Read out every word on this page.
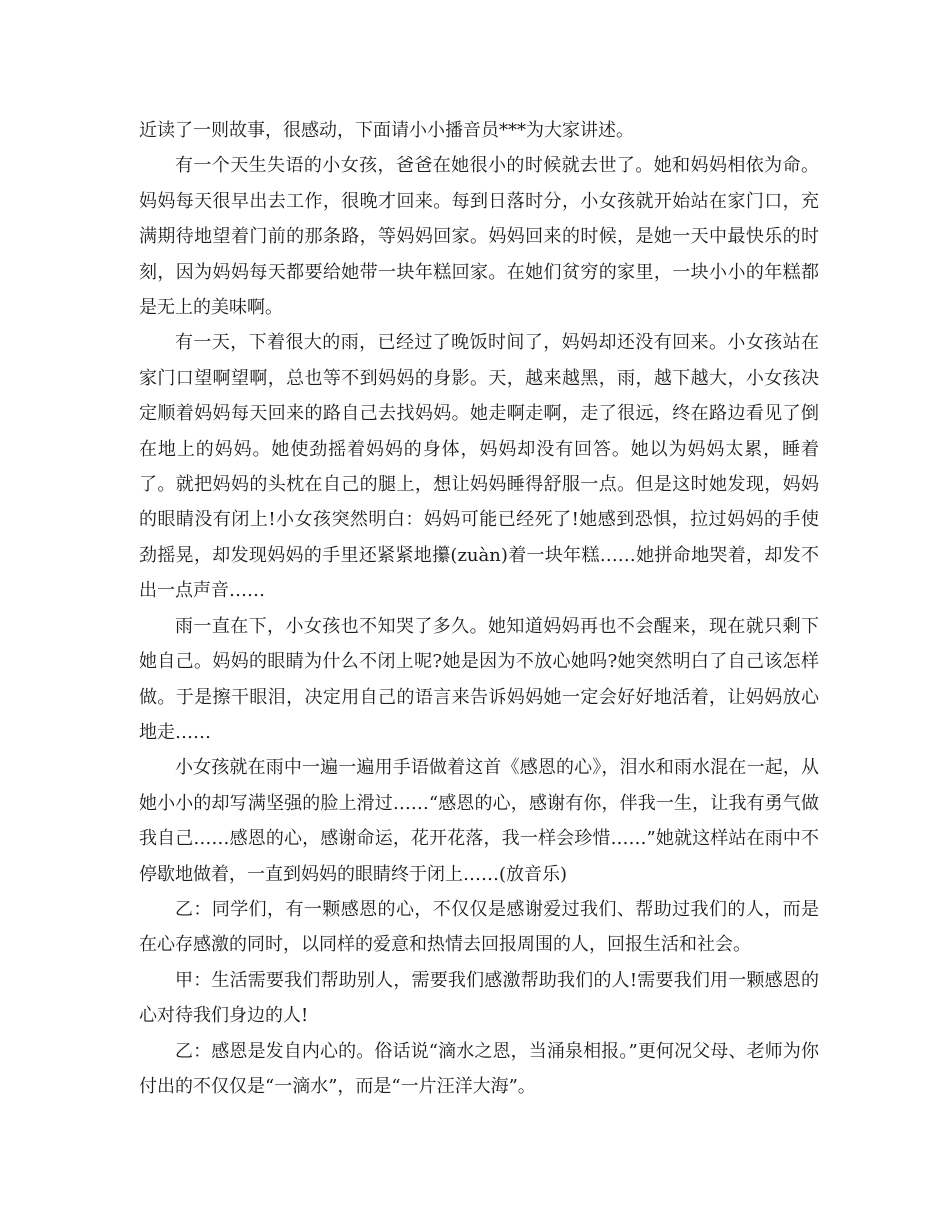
近读了一则故事，很感动，下面请小小播音员***为大家讲述。

有一个天生失语的小女孩，爸爸在她很小的时候就去世了。她和妈妈相依为命。妈妈每天很早出去工作，很晚才回来。每到日落时分，小女孩就开始站在家门口，充满期待地望着门前的那条路，等妈妈回家。妈妈回来的时候，是她一天中最快乐的时刻，因为妈妈每天都要给她带一块年糕回家。在她们贫穷的家里，一块小小的年糕都是无上的美味啊。

有一天，下着很大的雨，已经过了晚饭时间了，妈妈却还没有回来。小女孩站在家门口望啊望啊，总也等不到妈妈的身影。天，越来越黑，雨，越下越大，小女孩决定顺着妈妈每天回来的路自己去找妈妈。她走啊走啊，走了很远，终在路边看见了倒在地上的妈妈。她使劲摇着妈妈的身体，妈妈却没有回答。她以为妈妈太累，睡着了。就把妈妈的头枕在自己的腿上，想让妈妈睡得舒服一点。但是这时她发现，妈妈的眼睛没有闭上!小女孩突然明白：妈妈可能已经死了!她感到恐惧，拉过妈妈的手使劲摇晃，却发现妈妈的手里还紧紧地攥(zuàn)着一块年糕……她拼命地哭着，却发不出一点声音……

雨一直在下，小女孩也不知哭了多久。她知道妈妈再也不会醒来，现在就只剩下她自己。妈妈的眼睛为什么不闭上呢?她是因为不放心她吗?她突然明白了自己该怎样做。于是擦干眼泪，决定用自己的语言来告诉妈妈她一定会好好地活着，让妈妈放心地走……

小女孩就在雨中一遍一遍用手语做着这首《感恩的心》，泪水和雨水混在一起，从她小小的却写满坚强的脸上滑过……“感恩的心，感谢有你，伴我一生，让我有勇气做我自己……感恩的心，感谢命运，花开花落，我一样会珍惜……”她就这样站在雨中不停歇地做着，一直到妈妈的眼睛终于闭上……(放音乐)

乙：同学们，有一颗感恩的心，不仅仅是感谢爱过我们、帮助过我们的人，而是在心存感激的同时，以同样的爱意和热情去回报周围的人，回报生活和社会。

甲：生活需要我们帮助别人，需要我们感激帮助我们的人!需要我们用一颗感恩的心对待我们身边的人!

乙：感恩是发自内心的。俗话说“滴水之恩，当涌泉相报。”更何况父母、老师为你付出的不仅仅是“一滴水”，而是“一片汪洋大海”。
